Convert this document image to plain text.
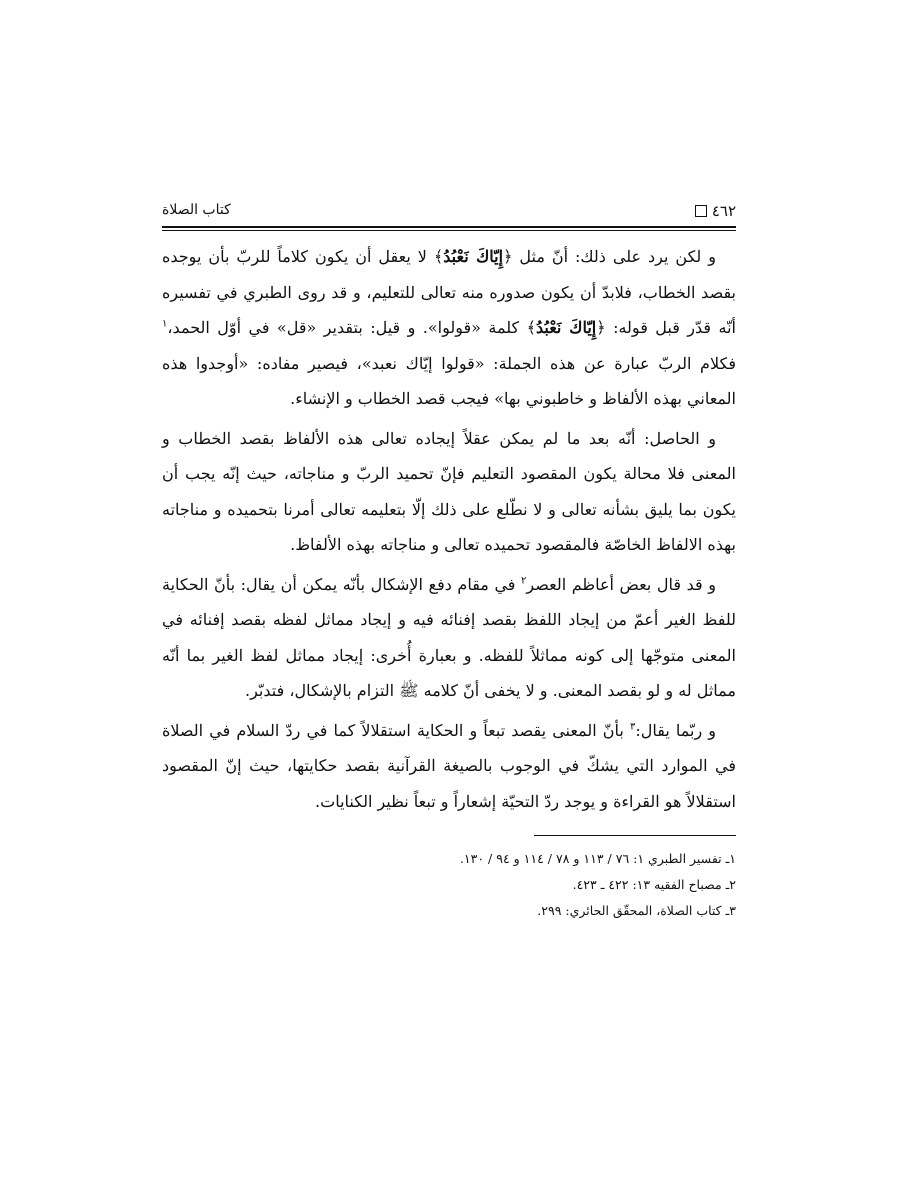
٤٦٢
كتاب الصلاة

و لكن يرد على ذلك: أنّ مثل ﴿إِيّاكَ نَعْبُدُ﴾ لا يعقل أن يكون كلاماً للربّ بأن يوجده بقصد الخطاب، فلابدّ أن يكون صدوره منه تعالى للتعليم، و قد روى الطبري في تفسيره أنّه قدّر قبل قوله: ﴿إِيّاكَ نَعْبُدُ﴾ كلمة «قولوا». و قيل: بتقدير «قل» في أوّل الحمد،$^١$ فكلام الربّ عبارة عن هذه الجملة: «قولوا إيّاك نعبد»، فيصير مفاده: «أوجدوا هذه المعاني بهذه الألفاظ و خاطبوني بها» فيجب قصد الخطاب و الإنشاء.

و الحاصل: أنّه بعد ما لم يمكن عقلاً إيجاده تعالى هذه الألفاظ بقصد الخطاب و المعنى فلا محالة يكون المقصود التعليم فإنّ تحميد الربّ و مناجاته، حيث إنّه يجب أن يكون بما يليق بشأنه تعالى و لا نطّلع على ذلك إلّا بتعليمه تعالى أمرنا بتحميده و مناجاته بهذه الالفاظ الخاصّة فالمقصود تحميده تعالى و مناجاته بهذه الألفاظ.

و قد قال بعض أعاظم العصر$^٢$ في مقام دفع الإشكال بأنّه يمكن أن يقال: بأنّ الحكاية للفظ الغير أعمّ من إيجاد اللفظ بقصد إفنائه فيه و إيجاد مماثل لفظه بقصد إفنائه في المعنى متوجّها إلى كونه مماثلاً للفظه. و بعبارة أُخرى: إيجاد مماثل لفظ الغير بما أنّه مماثل له و لو بقصد المعنى. و لا يخفى أنّ كلامه ﷺ التزام بالإشكال، فتدبّر.

و ربّما يقال:$^٣$ بأنّ المعنى يقصد تبعاً و الحكاية استقلالاً كما في ردّ السلام في الصلاة في الموارد التي يشكّ في الوجوب بالصيغة القرآنية بقصد حكايتها، حيث إنّ المقصود استقلالاً هو القراءة و يوجد ردّ التحيّة إشعاراً و تبعاً نظير الكنايات.

١ـ تفسير الطبري ١: ٧٦ / ١١٣ و ٧٨ / ١١٤ و ٩٤ / ١٣٠.
٢ـ مصباح الفقيه ١٣: ٤٢٢ ـ ٤٢٣.
٣ـ كتاب الصلاة، المحقّق الحائري: ٢٩٩.
